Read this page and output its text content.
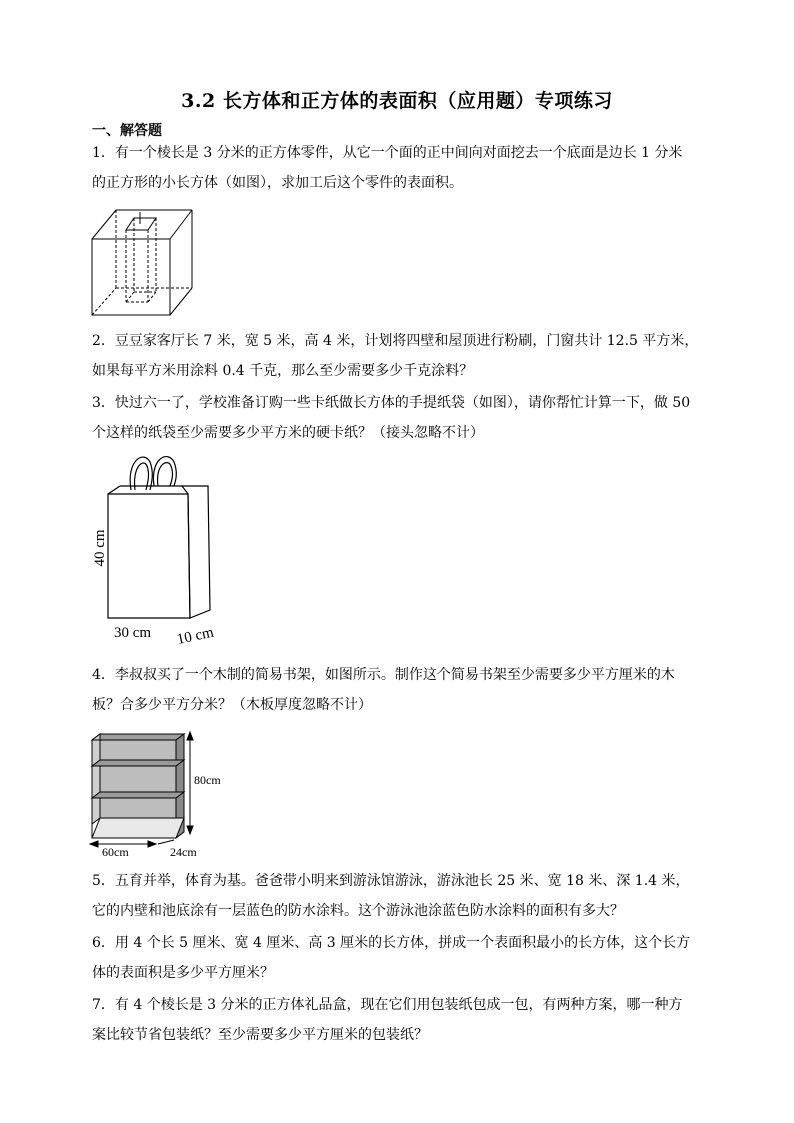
3.2 长方体和正方体的表面积（应用题）专项练习
一、解答题
1．有一个棱长是 3 分米的正方体零件，从它一个面的正中间向对面挖去一个底面是边长 1 分米
的正方形的小长方体（如图），求加工后这个零件的表面积。
2．豆豆家客厅长 7 米，宽 5 米，高 4 米，计划将四壁和屋顶进行粉刷，门窗共计 12.5 平方米，
如果每平方米用涂料 0.4 千克，那么至少需要多少千克涂料？
3．快过六一了，学校准备订购一些卡纸做长方体的手提纸袋（如图），请你帮忙计算一下，做 50
个这样的纸袋至少需要多少平方米的硬卡纸？（接头忽略不计）
40 cm
30 cm 10 cm
4．李叔叔买了一个木制的简易书架，如图所示。制作这个简易书架至少需要多少平方厘米的木
板？合多少平方分米？（木板厚度忽略不计）
80cm
60cm	24cm
5．五育并举，体育为基。爸爸带小明来到游泳馆游泳，游泳池长 25 米、宽 18 米、深 1.4 米，
它的内壁和池底涂有一层蓝色的防水涂料。这个游泳池涂蓝色防水涂料的面积有多大？
6．用 4 个长 5 厘米、宽 4 厘米、高 3 厘米的长方体，拼成一个表面积最小的长方体，这个长方
体的表面积是多少平方厘米？
7．有 4 个棱长是 3 分米的正方体礼品盒，现在它们用包装纸包成一包，有两种方案，哪一种方
案比较节省包装纸？至少需要多少平方厘米的包装纸？
